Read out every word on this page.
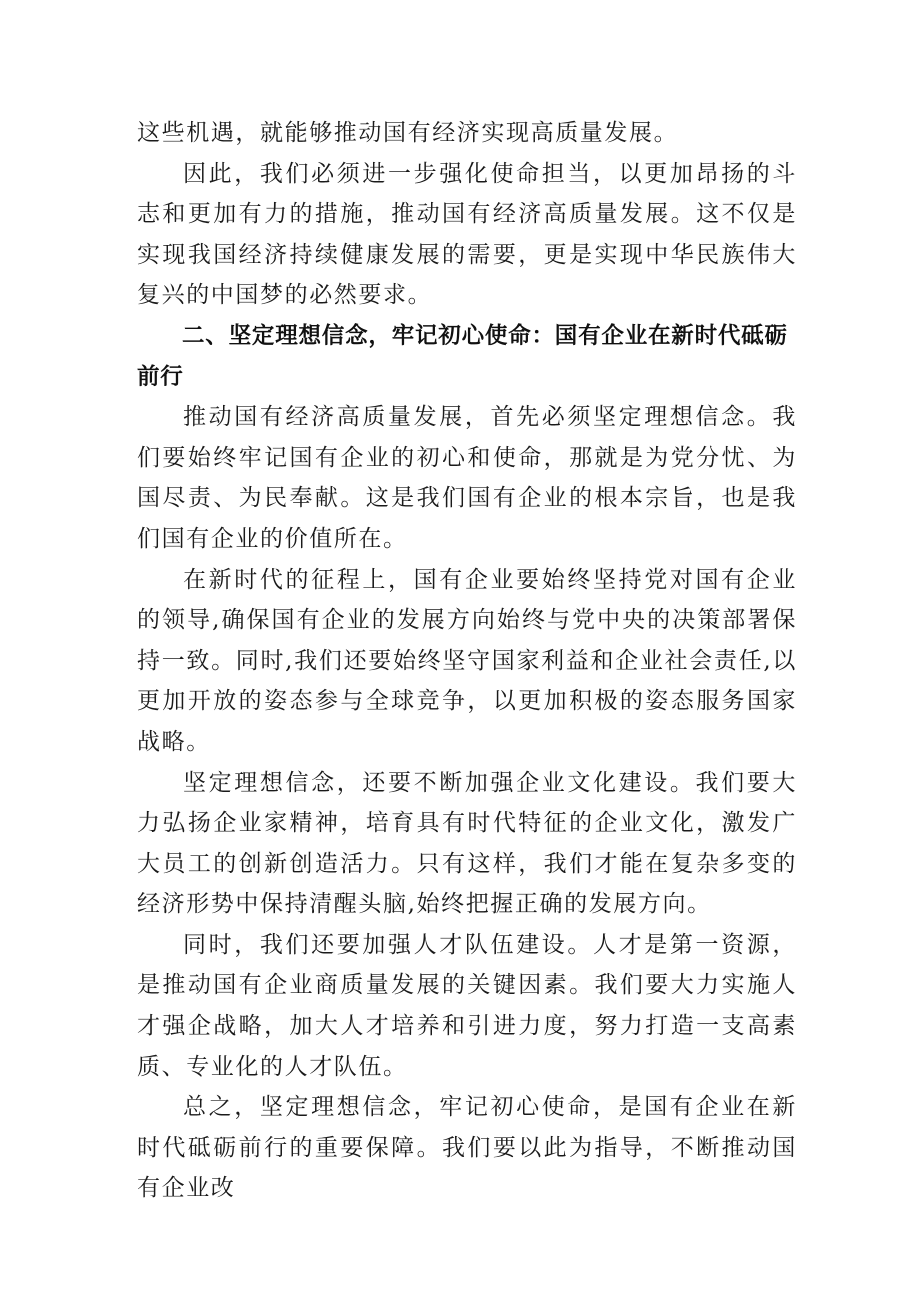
这些机遇，就能够推动国有经济实现高质量发展。

因此，我们必须进一步强化使命担当，以更加昂扬的斗志和更加有力的措施，推动国有经济高质量发展。这不仅是实现我国经济持续健康发展的需要，更是实现中华民族伟大复兴的中国梦的必然要求。

二、坚定理想信念，牢记初心使命：国有企业在新时代砥砺前行

推动国有经济高质量发展，首先必须坚定理想信念。我们要始终牢记国有企业的初心和使命，那就是为党分忧、为国尽责、为民奉献。这是我们国有企业的根本宗旨，也是我们国有企业的价值所在。

在新时代的征程上，国有企业要始终坚持党对国有企业的领导,确保国有企业的发展方向始终与党中央的决策部署保持一致。同时,我们还要始终坚守国家利益和企业社会责任,以更加开放的姿态参与全球竞争，以更加积极的姿态服务国家战略。

坚定理想信念，还要不断加强企业文化建设。我们要大力弘扬企业家精神，培育具有时代特征的企业文化，激发广大员工的创新创造活力。只有这样，我们才能在复杂多变的经济形势中保持清醒头脑,始终把握正确的发展方向。

同时，我们还要加强人才队伍建设。人才是第一资源，是推动国有企业商质量发展的关键因素。我们要大力实施人才强企战略，加大人才培养和引进力度，努力打造一支高素质、专业化的人才队伍。

总之，坚定理想信念，牢记初心使命，是国有企业在新时代砥砺前行的重要保障。我们要以此为指导，不断推动国有企业改
